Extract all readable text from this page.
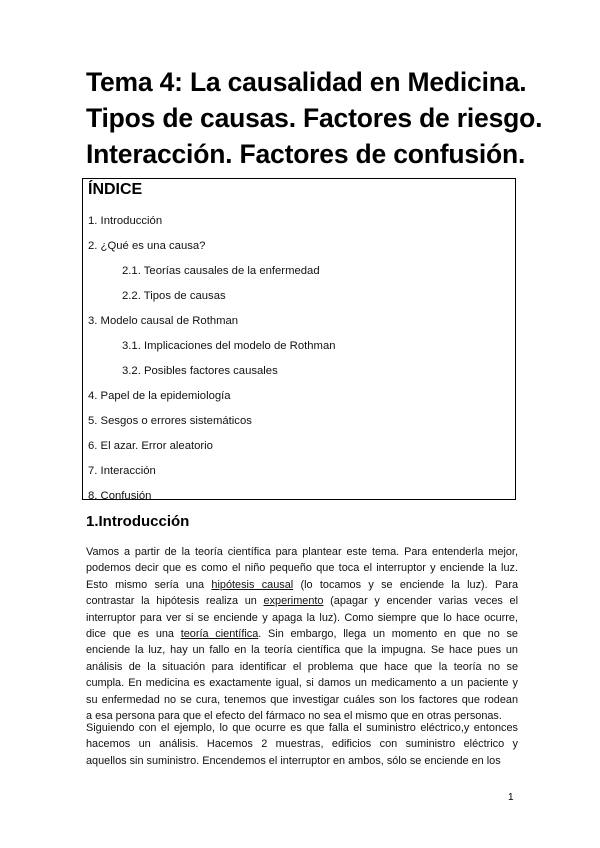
Tema 4: La causalidad en Medicina.
Tipos de causas. Factores de riesgo.
Interacción. Factores de confusión.
ÍNDICE
1. Introducción
2. ¿Qué es una causa?
2.1. Teorías causales de la enfermedad
2.2. Tipos de causas
3. Modelo causal de Rothman
3.1. Implicaciones del modelo de Rothman
3.2. Posibles factores causales
4. Papel de la epidemiología
5. Sesgos o errores sistemáticos
6. El azar. Error aleatorio
7. Interacción
8. Confusión
1.Introducción

Vamos a partir de la teoría científica para plantear este tema. Para entenderla mejor,
podemos decir que es como el niño pequeño que toca el interruptor y enciende la luz.
Esto mismo sería una hipótesis causal (lo tocamos y se enciende la luz). Para
contrastar la hipótesis realiza un experimento (apagar y encender varias veces el
interruptor para ver si se enciende y apaga la luz). Como siempre que lo hace ocurre,
dice que es una teoría científica. Sin embargo, llega un momento en que no se
enciende la luz, hay un fallo en la teoría científica que la impugna. Se hace pues un
análisis de la situación para identificar el problema que hace que la teoría no se
cumpla. En medicina es exactamente igual, si damos un medicamento a un paciente y
su enfermedad no se cura, tenemos que investigar cuáles son los factores que rodean
a esa persona para que el efecto del fármaco no sea el mismo que en otras personas.

Siguiendo con el ejemplo, lo que ocurre es que falla el suministro eléctrico,y entonces
hacemos un análisis. Hacemos 2 muestras, edificios con suministro eléctrico y
aquellos sin suministro. Encendemos el interruptor en ambos, sólo se enciende en los

1
